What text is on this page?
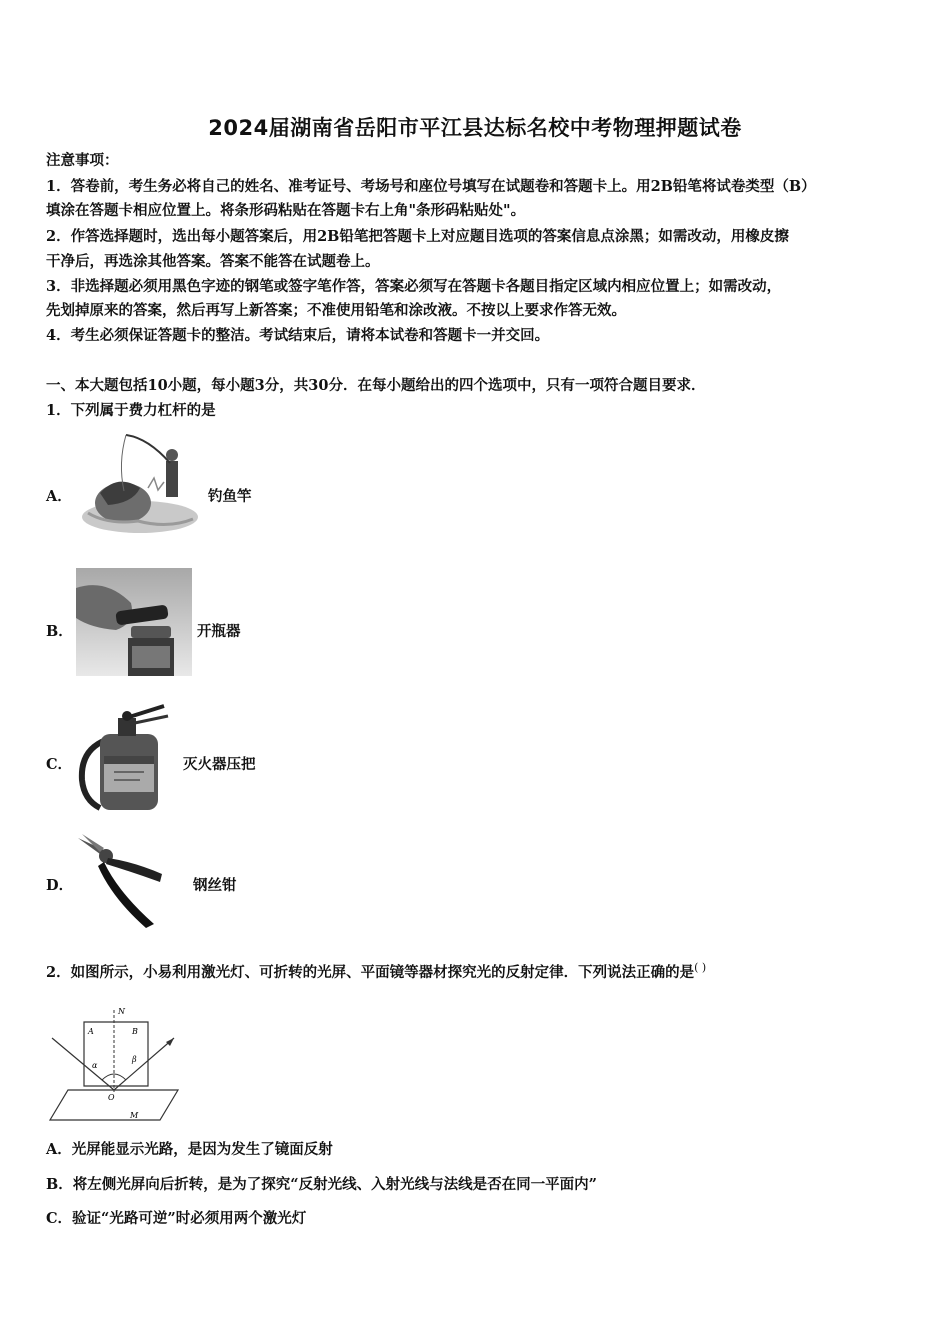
2024届湖南省岳阳市平江县达标名校中考物理押题试卷
注意事项：
1．答卷前，考生务必将自己的姓名、准考证号、考场号和座位号填写在试题卷和答题卡上。用2B铅笔将试卷类型（B）
填涂在答题卡相应位置上。将条形码粘贴在答题卡右上角"条形码粘贴处"。
2．作答选择题时，选出每小题答案后，用2B铅笔把答题卡上对应题目选项的答案信息点涂黑；如需改动，用橡皮擦
干净后，再选涂其他答案。答案不能答在试题卷上。
3．非选择题必须用黑色字迹的钢笔或签字笔作答，答案必须写在答题卡各题目指定区域内相应位置上；如需改动，
先划掉原来的答案，然后再写上新答案；不准使用铅笔和涂改液。不按以上要求作答无效。
4．考生必须保证答题卡的整洁。考试结束后，请将本试卷和答题卡一并交回。
一、本大题包括10小题，每小题3分，共30分．在每小题给出的四个选项中，只有一项符合题目要求．
1．下列属于费力杠杆的是
A．	钓鱼竿
B．	开瓶器
C．	灭火器压把
D．	钢丝钳
2．如图所示，小易利用激光灯、可折转的光屏、平面镜等器材探究光的反射定律．下列说法正确的是( )
N
A	B
α
β
O
M
A．光屏能显示光路，是因为发生了镜面反射
B．将左侧光屏向后折转，是为了探究“反射光线、入射光线与法线是否在同一平面内”
C．验证“光路可逆”时必须用两个激光灯
